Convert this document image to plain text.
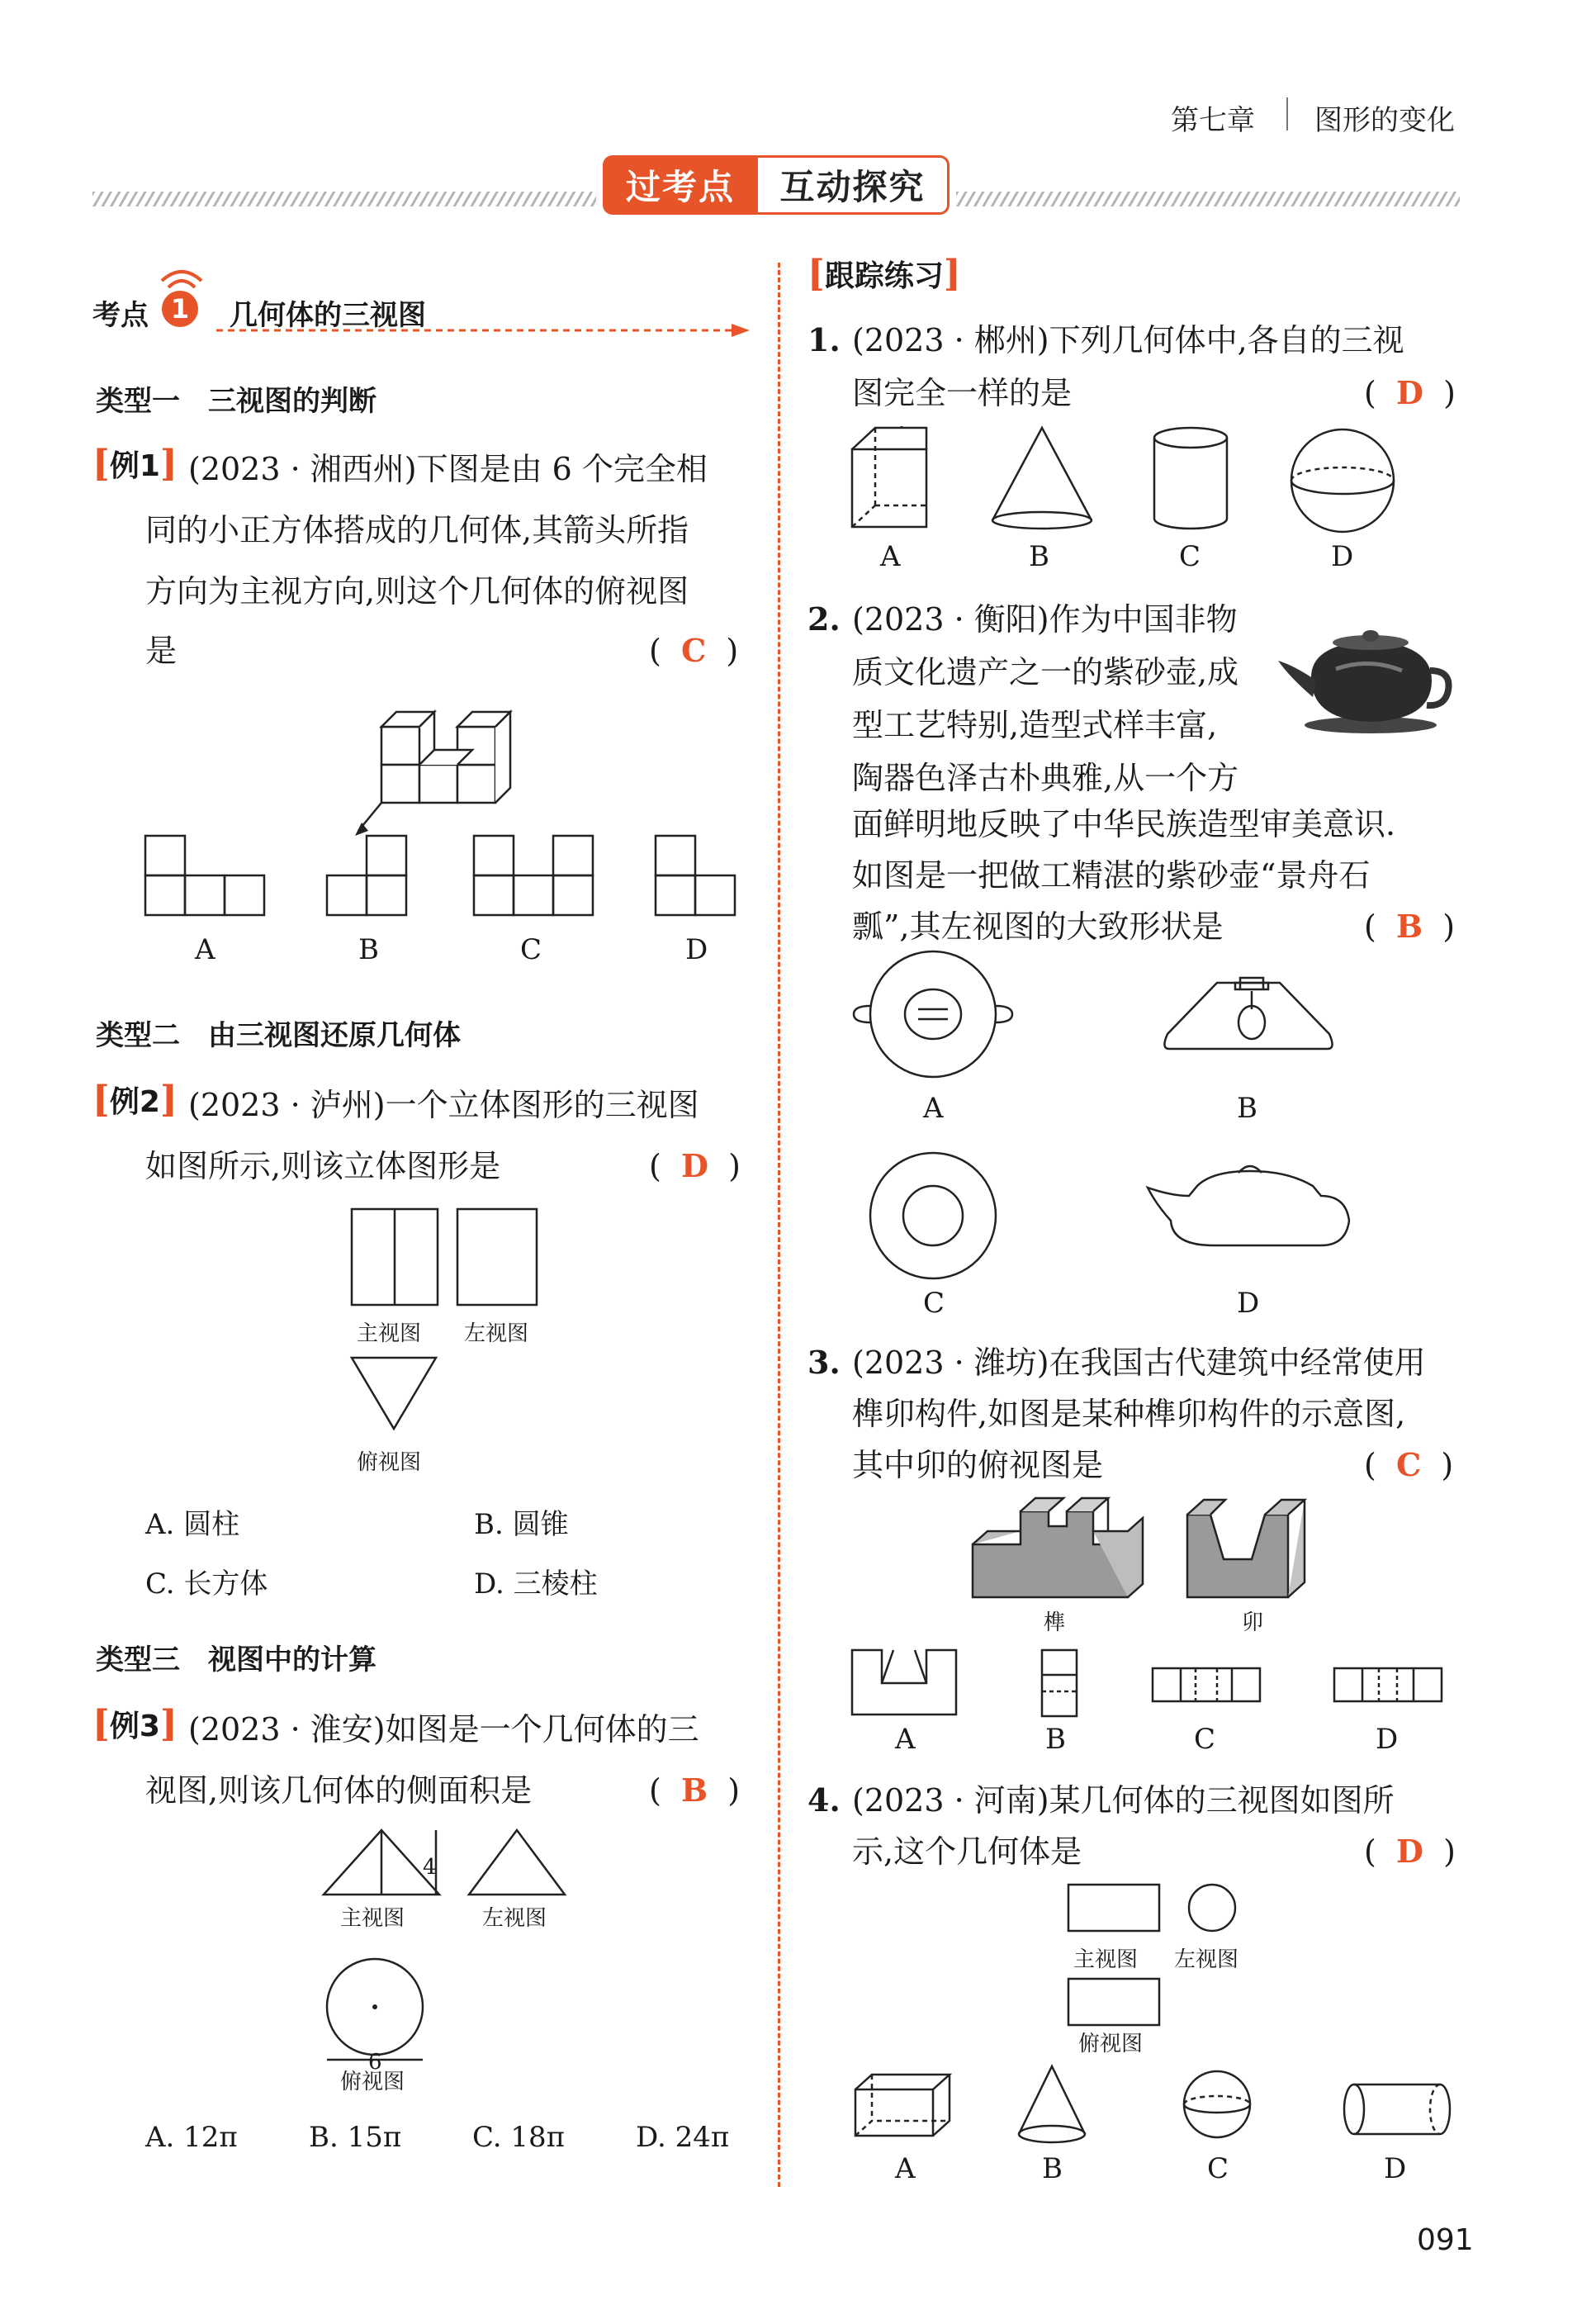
第七章 图形的变化
过考点	互动探究
考点 1	几何体的三视图
类型一　三视图的判断
[例1] (2023 · 湘西州)下图是由 6 个完全相
同的小正方体搭成的几何体,其箭头所指
方向为主视方向,则这个几何体的俯视图
是	( C )
A	B	C	D
类型二　由三视图还原几何体
[例2] (2023 · 泸州)一个立体图形的三视图
如图所示,则该立体图形是	( D )
主视图 左视图
俯视图
A. 圆柱	B. 圆锥
C. 长方体	D. 三棱柱
类型三　视图中的计算
[例3] (2023 · 淮安)如图是一个几何体的三
视图,则该几何体的侧面积是	( B )
4
6
主视图	左视图
俯视图
A. 12π	B. 15π	C. 18π	D. 24π
[跟踪练习]
1. (2023 · 郴州)下列几何体中,各自的三视
图完全一样的是	( D )
A	B	C	D
2. (2023 · 衡阳)作为中国非物
质文化遗产之一的紫砂壶,成
型工艺特别,造型式样丰富,
陶器色泽古朴典雅,从一个方
面鲜明地反映了中华民族造型审美意识.
如图是一把做工精湛的紫砂壶“景舟石
瓢”,其左视图的大致形状是	( B )
A	B
C	D
3. (2023 · 潍坊)在我国古代建筑中经常使用
榫卯构件,如图是某种榫卯构件的示意图,
其中卯的俯视图是	( C )
榫	卯
A	B	C	D
4. (2023 · 河南)某几何体的三视图如图所
示,这个几何体是	( D )
主视图 左视图
俯视图
A	B	C	D
091
